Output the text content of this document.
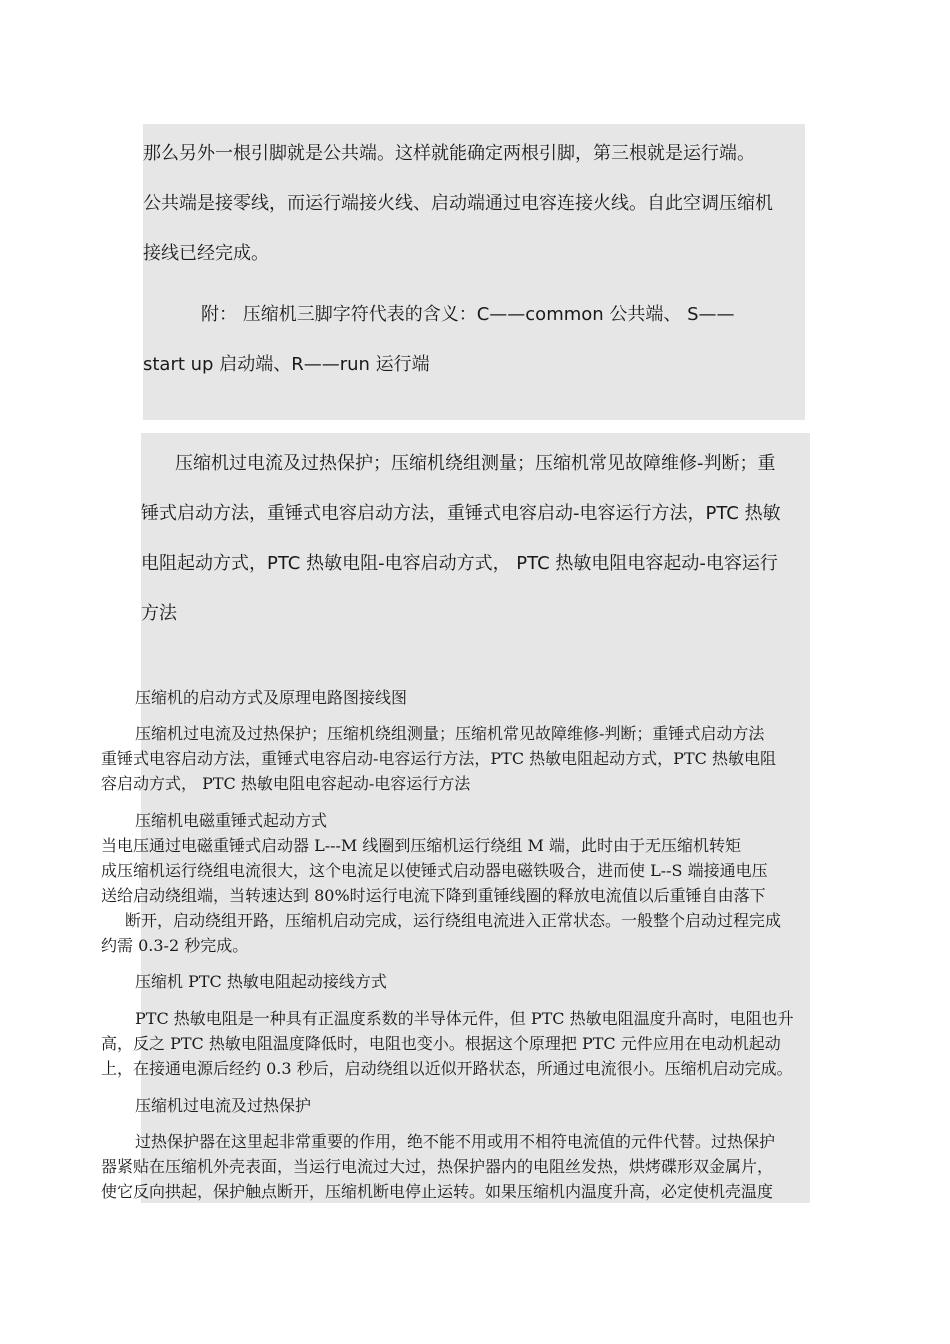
那么另外一根引脚就是公共端。这样就能确定两根引脚，第三根就是运行端。
公共端是接零线，而运行端接火线、启动端通过电容连接火线。自此空调压缩机
接线已经完成。
附： 压缩机三脚字符代表的含义：C——common 公共端、 S——
start up 启动端、R——run 运行端
压缩机过电流及过热保护；压缩机绕组测量；压缩机常见故障维修-判断；重
锤式启动方法，重锤式电容启动方法，重锤式电容启动-电容运行方法，PTC 热敏
电阻起动方式，PTC 热敏电阻-电容启动方式， PTC 热敏电阻电容起动-电容运行
方法
压缩机的启动方式及原理电路图接线图
压缩机过电流及过热保护；压缩机绕组测量；压缩机常见故障维修-判断；重锤式启动方法
重锤式电容启动方法，重锤式电容启动-电容运行方法，PTC 热敏电阻起动方式，PTC 热敏电阻
容启动方式， PTC 热敏电阻电容起动-电容运行方法
压缩机电磁重锤式起动方式
当电压通过电磁重锤式启动器 L---M 线圈到压缩机运行绕组 M 端，此时由于无压缩机转矩
成压缩机运行绕组电流很大，这个电流足以使锤式启动器电磁铁吸合，进而使 L--S 端接通电压
送给启动绕组端，当转速达到 80%时运行电流下降到重锤线圈的释放电流值以后重锤自由落下
断开，启动绕组开路，压缩机启动完成，运行绕组电流进入正常状态。一般整个启动过程完成
约需 0.3-2 秒完成。
压缩机 PTC 热敏电阻起动接线方式
PTC 热敏电阻是一种具有正温度系数的半导体元件，但 PTC 热敏电阻温度升高时，电阻也升
高，反之 PTC 热敏电阻温度降低时，电阻也变小。根据这个原理把 PTC 元件应用在电动机起动
上，在接通电源后经约 0.3 秒后，启动绕组以近似开路状态，所通过电流很小。压缩机启动完成。
压缩机过电流及过热保护
过热保护器在这里起非常重要的作用，绝不能不用或用不相符电流值的元件代替。过热保护
器紧贴在压缩机外壳表面，当运行电流过大过，热保护器内的电阻丝发热，烘烤碟形双金属片，
使它反向拱起，保护触点断开，压缩机断电停止运转。如果压缩机内温度升高，必定使机壳温度
